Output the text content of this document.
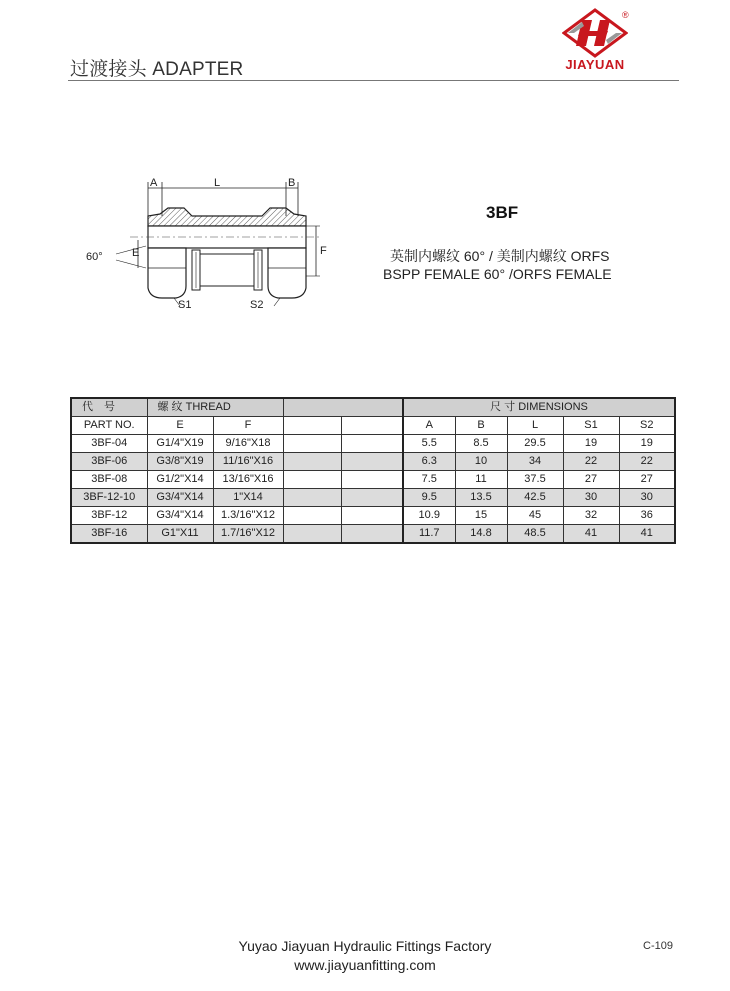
过渡接头 ADAPTER
®
JIAYUAN
A	L	B
E	F
60°
S1	S2
3BF
英制内螺纹 60° / 美制内螺纹 ORFS
BSPP FEMALE 60° /ORFS FEMALE
代　号	螺 纹 THREAD				尺 寸 DIMENSIONS				
PART NO.	E	F			A	B	L	S1	S2
3BF-04	G1/4"X19	9/16"X18			5.5	8.5	29.5	19	19
3BF-06	G3/8"X19	11/16"X16			6.3	10	34	22	22
3BF-08	G1/2"X14	13/16"X16			7.5	11	37.5	27	27
3BF-12-10	G3/4"X14	1"X14			9.5	13.5	42.5	30	30
3BF-12	G3/4"X14	1.3/16"X12			10.9	15	45	32	36
3BF-16	G1"X11	1.7/16"X12			11.7	14.8	48.5	41	41
Yuyao Jiayuan Hydraulic Fittings Factory
www.jiayuanfitting.com
C-109
